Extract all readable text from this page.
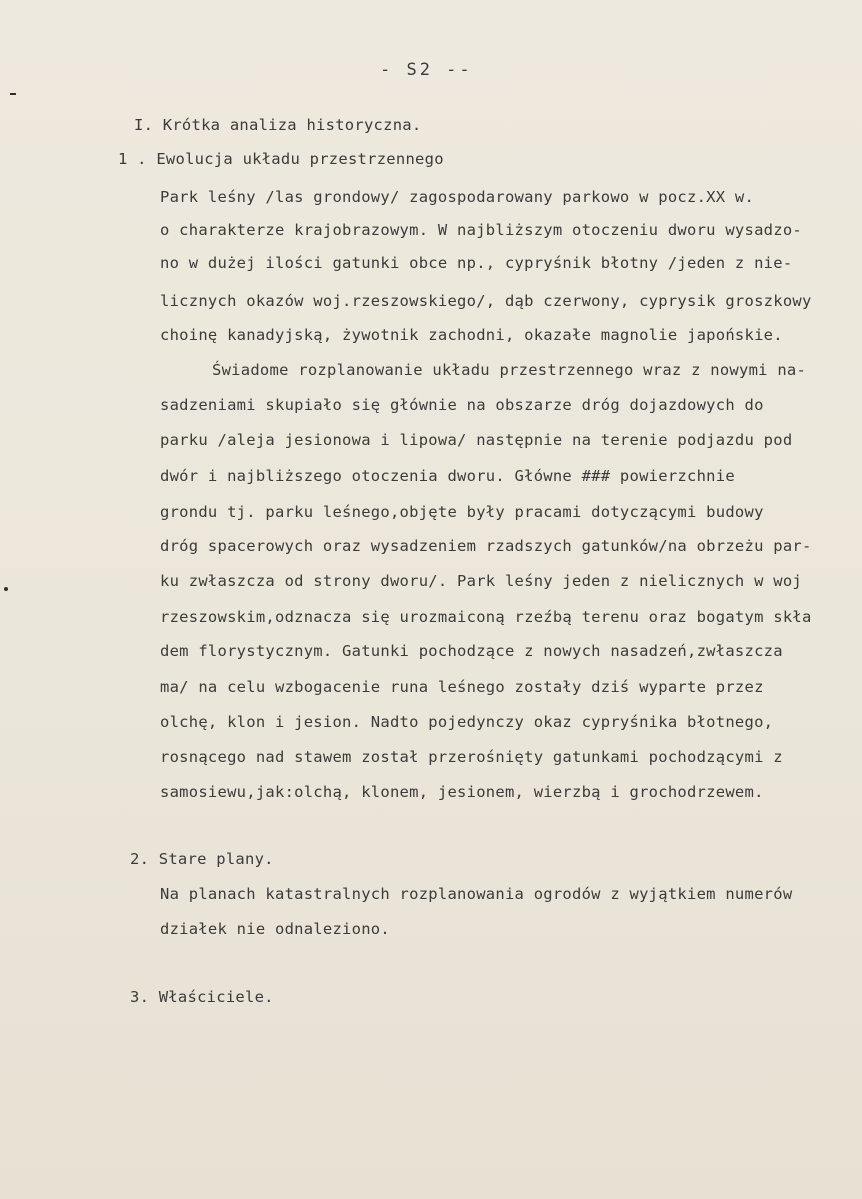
- S2 --
I. Krótka analiza historyczna.
1 . Ewolucja układu przestrzennego
Park leśny /las grondowy/ zagospodarowany parkowo w pocz.XX w.
o charakterze krajobrazowym. W najbliższym otoczeniu dworu wysadzo-
no w dużej ilości gatunki obce np., cypryśnik błotny /jeden z nie-
licznych okazów woj.rzeszowskiego/, dąb czerwony, cyprysik groszkowy
choinę kanadyjską, żywotnik zachodni, okazałe magnolie japońskie.
Świadome rozplanowanie układu przestrzennego wraz z nowymi na-
sadzeniami skupiało się głównie na obszarze dróg dojazdowych do
parku /aleja jesionowa i lipowa/ następnie na terenie podjazdu pod
dwór i najbliższego otoczenia dworu. Główne ### powierzchnie
grondu tj. parku leśnego,objęte były pracami dotyczącymi budowy
dróg spacerowych oraz wysadzeniem rzadszych gatunków/na obrzeżu par-
ku zwłaszcza od strony dworu/. Park leśny jeden z nielicznych w woj
rzeszowskim,odznacza się urozmaiconą rzeźbą terenu oraz bogatym skła
dem florystycznym. Gatunki pochodzące z nowych nasadzeń,zwłaszcza
ma/ na celu wzbogacenie runa leśnego zostały dziś wyparte przez
olchę, klon i jesion. Nadto pojedynczy okaz cypryśnika błotnego,
rosnącego nad stawem został przerośnięty gatunkami pochodzącymi z
samosiewu,jak:olchą, klonem, jesionem, wierzbą i grochodrzewem.
2. Stare plany.
Na planach katastralnych rozplanowania ogrodów z wyjątkiem numerów
działek nie odnaleziono.
3. Właściciele.
